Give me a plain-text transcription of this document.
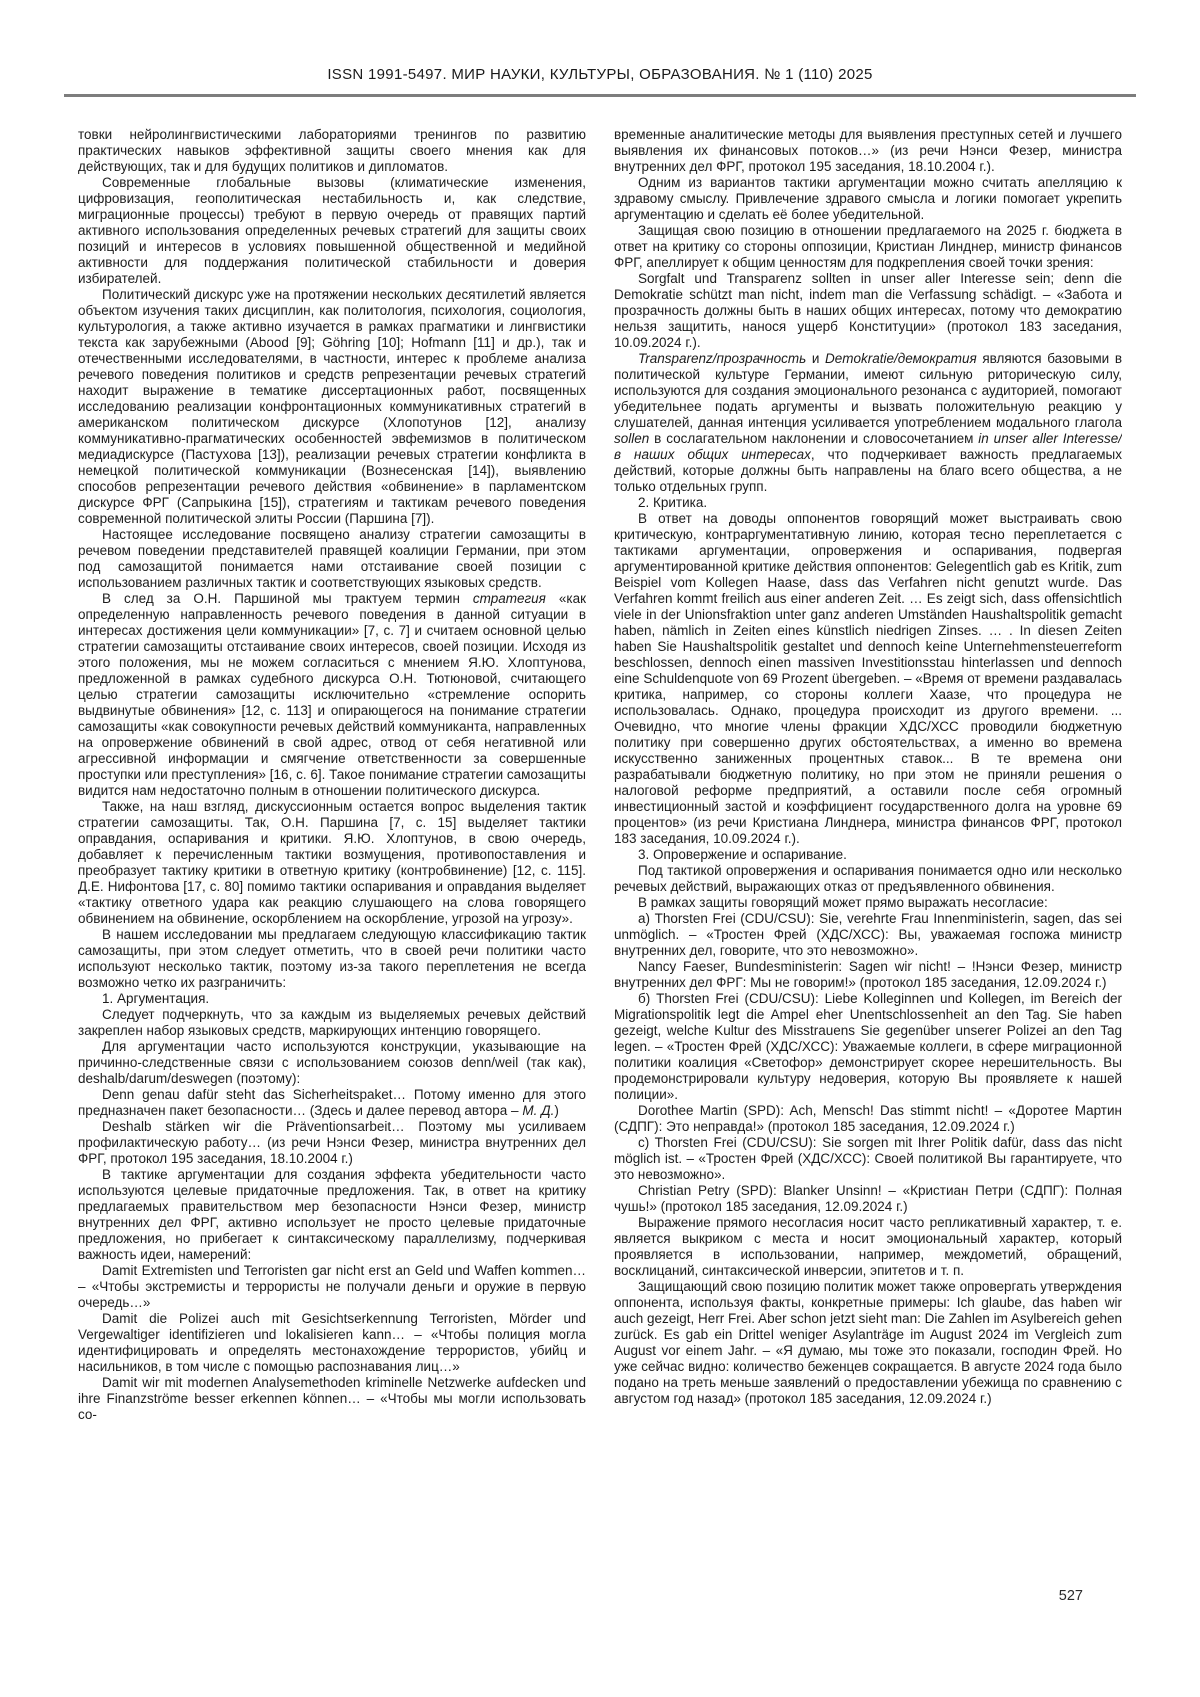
ISSN 1991-5497. МИР НАУКИ, КУЛЬТУРЫ, ОБРАЗОВАНИЯ. № 1 (110) 2025

товки нейролингвистическими лабораториями тренингов по развитию практических навыков эффективной защиты своего мнения как для действующих, так и для будущих политиков и дипломатов.

Современные глобальные вызовы (климатические изменения, цифровизация, геополитическая нестабильность и, как следствие, миграционные процессы) требуют в первую очередь от правящих партий активного использования определенных речевых стратегий для защиты своих позиций и интересов в условиях повышенной общественной и медийной активности для поддержания политической стабильности и доверия избирателей.

Политический дискурс уже на протяжении нескольких десятилетий является объектом изучения таких дисциплин, как политология, психология, социология, культурология, а также активно изучается в рамках прагматики и лингвистики текста как зарубежными (Abood [9]; Göhring [10]; Hofmann [11] и др.), так и отечественными исследователями, в частности, интерес к проблеме анализа речевого поведения политиков и средств репрезентации речевых стратегий находит выражение в тематике диссертационных работ, посвященных исследованию реализации конфронтационных коммуникативных стратегий в американском политическом дискурсе (Хлопотунов [12], анализу коммуникативно-прагматических особенностей эвфемизмов в политическом медиадискурсе (Пастухова [13]), реализации речевых стратегии конфликта в немецкой политической коммуникации (Вознесенская [14]), выявлению способов репрезентации речевого действия «обвинение» в парламентском дискурсе ФРГ (Сапрыкина [15]), стратегиям и тактикам речевого поведения современной политической элиты России (Паршина [7]).

Настоящее исследование посвящено анализу стратегии самозащиты в речевом поведении представителей правящей коалиции Германии, при этом под самозащитой понимается нами отстаивание своей позиции с использованием различных тактик и соответствующих языковых средств.

В след за О.Н. Паршиной мы трактуем термин стратегия «как определенную направленность речевого поведения в данной ситуации в интересах достижения цели коммуникации» [7, с. 7] и считаем основной целью стратегии самозащиты отстаивание своих интересов, своей позиции. Исходя из этого положения, мы не можем согласиться с мнением Я.Ю. Хлоптунова, предложенной в рамках судебного дискурса О.Н. Тютюновой, считающего целью стратегии самозащиты исключительно «стремление оспорить выдвинутые обвинения» [12, с. 113] и опирающегося на понимание стратегии самозащиты «как совокупности речевых действий коммуниканта, направленных на опровержение обвинений в свой адрес, отвод от себя негативной или агрессивной информации и смягчение ответственности за совершенные проступки или преступления» [16, с. 6]. Такое понимание стратегии самозащиты видится нам недостаточно полным в отношении политического дискурса.

Также, на наш взгляд, дискуссионным остается вопрос выделения тактик стратегии самозащиты. Так, О.Н. Паршина [7, с. 15] выделяет тактики оправдания, оспаривания и критики. Я.Ю. Хлоптунов, в свою очередь, добавляет к перечисленным тактики возмущения, противопоставления и преобразует тактику критики в ответную критику (контробвинение) [12, с. 115]. Д.Е. Нифонтова [17, с. 80] помимо тактики оспаривания и оправдания выделяет «тактику ответного удара как реакцию слушающего на слова говорящего обвинением на обвинение, оскорблением на оскорбление, угрозой на угрозу».

В нашем исследовании мы предлагаем следующую классификацию тактик самозащиты, при этом следует отметить, что в своей речи политики часто используют несколько тактик, поэтому из-за такого переплетения не всегда возможно четко их разграничить:

1. Аргументация.

Следует подчеркнуть, что за каждым из выделяемых речевых действий закреплен набор языковых средств, маркирующих интенцию говорящего.

Для аргументации часто используются конструкции, указывающие на причинно-следственные связи с использованием союзов denn/weil (так как), deshalb/darum/deswegen (поэтому):

Denn genau dafür steht das Sicherheitspaket… Потому именно для этого предназначен пакет безопасности… (Здесь и далее перевод автора – М. Д.)

Deshalb stärken wir die Präventionsarbeit… Поэтому мы усиливаем профилактическую работу… (из речи Нэнси Фезер, министра внутренних дел ФРГ, протокол 195 заседания, 18.10.2004 г.)

В тактике аргументации для создания эффекта убедительности часто используются целевые придаточные предложения. Так, в ответ на критику предлагаемых правительством мер безопасности Нэнси Фезер, министр внутренних дел ФРГ, активно использует не просто целевые придаточные предложения, но прибегает к синтаксическому параллелизму, подчеркивая важность идеи, намерений:

Damit Extremisten und Terroristen gar nicht erst an Geld und Waffen kommen… – «Чтобы экстремисты и террористы не получали деньги и оружие в первую очередь…»

Damit die Polizei auch mit Gesichtserkennung Terroristen, Mörder und Vergewaltiger identifizieren und lokalisieren kann… – «Чтобы полиция могла идентифицировать и определять местонахождение террористов, убийц и насильников, в том числе с помощью распознавания лиц…»

Damit wir mit modernen Analysemethoden kriminelle Netzwerke aufdecken und ihre Finanzströme besser erkennen können… – «Чтобы мы могли использовать со-

временные аналитические методы для выявления преступных сетей и лучшего выявления их финансовых потоков…» (из речи Нэнси Фезер, министра внутренних дел ФРГ, протокол 195 заседания, 18.10.2004 г.).

Одним из вариантов тактики аргументации можно считать апелляцию к здравому смыслу. Привлечение здравого смысла и логики помогает укрепить аргументацию и сделать её более убедительной.

Защищая свою позицию в отношении предлагаемого на 2025 г. бюджета в ответ на критику со стороны оппозиции, Кристиан Линднер, министр финансов ФРГ, апеллирует к общим ценностям для подкрепления своей точки зрения:

Sorgfalt und Transparenz sollten in unser aller Interesse sein; denn die Demokratie schützt man nicht, indem man die Verfassung schädigt. – «Забота и прозрачность должны быть в наших общих интересах, потому что демократию нельзя защитить, нанося ущерб Конституции» (протокол 183 заседания, 10.09.2024 г.).

Transparenz/прозрачность и Demokratie/демократия являются базовыми в политической культуре Германии, имеют сильную риторическую силу, используются для создания эмоционального резонанса с аудиторией, помогают убедительнее подать аргументы и вызвать положительную реакцию у слушателей, данная интенция усиливается употреблением модального глагола sollen в сослагательном наклонении и словосочетанием in unser aller Interesse/ в наших общих интересах, что подчеркивает важность предлагаемых действий, которые должны быть направлены на благо всего общества, а не только отдельных групп.

2. Критика.

В ответ на доводы оппонентов говорящий может выстраивать свою критическую, контраргументативную линию, которая тесно переплетается с тактиками аргументации, опровержения и оспаривания, подвергая аргументированной критике действия оппонентов: Gelegentlich gab es Kritik, zum Beispiel vom Kollegen Haase, dass das Verfahren nicht genutzt wurde. Das Verfahren kommt freilich aus einer anderen Zeit. … Es zeigt sich, dass offensichtlich viele in der Unionsfraktion unter ganz anderen Umständen Haushaltspolitik gemacht haben, nämlich in Zeiten eines künstlich niedrigen Zinses. … . In diesen Zeiten haben Sie Haushaltspolitik gestaltet und dennoch keine Unternehmensteuerreform beschlossen, dennoch einen massiven Investitionsstau hinterlassen und dennoch eine Schuldenquote von 69 Prozent übergeben. – «Время от времени раздавалась критика, например, со стороны коллеги Хаазе, что процедура не использовалась. Однако, процедура происходит из другого времени. ... Очевидно, что многие члены фракции ХДС/ХСС проводили бюджетную политику при совершенно других обстоятельствах, а именно во времена искусственно заниженных процентных ставок... В те времена они разрабатывали бюджетную политику, но при этом не приняли решения о налоговой реформе предприятий, а оставили после себя огромный инвестиционный застой и коэффициент государственного долга на уровне 69 процентов» (из речи Кристиана Линднера, министра финансов ФРГ, протокол 183 заседания, 10.09.2024 г.).

3. Опровержение и оспаривание.

Под тактикой опровержения и оспаривания понимается одно или несколько речевых действий, выражающих отказ от предъявленного обвинения.

В рамках защиты говорящий может прямо выражать несогласие:

а) Thorsten Frei (CDU/CSU): Sie, verehrte Frau Innenministerin, sagen, das sei unmöglich. – «Тростен Фрей (ХДС/ХСС): Вы, уважаемая госпожа министр внутренних дел, говорите, что это невозможно».

Nancy Faeser, Bundesministerin: Sagen wir nicht! – !Нэнси Фезер, министр внутренних дел ФРГ: Мы не говорим!» (протокол 185 заседания, 12.09.2024 г.)

б) Thorsten Frei (CDU/CSU): Liebe Kolleginnen und Kollegen, im Bereich der Migrationspolitik legt die Ampel eher Unentschlossenheit an den Tag. Sie haben gezeigt, welche Kultur des Misstrauens Sie gegenüber unserer Polizei an den Tag legen. – «Тростен Фрей (ХДС/ХСС): Уважаемые коллеги, в сфере миграционной политики коалиция «Светофор» демонстрирует скорее нерешительность. Вы продемонстрировали культуру недоверия, которую Вы проявляете к нашей полиции».

Dorothee Martin (SPD): Ach, Mensch! Das stimmt nicht! – «Доротее Мартин (СДПГ): Это неправда!» (протокол 185 заседания, 12.09.2024 г.)

c) Thorsten Frei (CDU/CSU): Sie sorgen mit Ihrer Politik dafür, dass das nicht möglich ist. – «Тростен Фрей (ХДС/ХСС): Своей политикой Вы гарантируете, что это невозможно».

Christian Petry (SPD): Blanker Unsinn! – «Кристиан Петри (СДПГ): Полная чушь!» (протокол 185 заседания, 12.09.2024 г.)

Выражение прямого несогласия носит часто репликативный характер, т. е. является выкриком с места и носит эмоциональный характер, который проявляется в использовании, например, междометий, обращений, восклицаний, синтаксической инверсии, эпитетов и т. п.

Защищающий свою позицию политик может также опровергать утверждения оппонента, используя факты, конкретные примеры: Ich glaube, das haben wir auch gezeigt, Herr Frei. Aber schon jetzt sieht man: Die Zahlen im Asylbereich gehen zurück. Es gab ein Drittel weniger Asylanträge im August 2024 im Vergleich zum August vor einem Jahr. – «Я думаю, мы тоже это показали, господин Фрей. Но уже сейчас видно: количество беженцев сокращается. В августе 2024 года было подано на треть меньше заявлений о предоставлении убежища по сравнению с августом год назад» (протокол 185 заседания, 12.09.2024 г.)

527
